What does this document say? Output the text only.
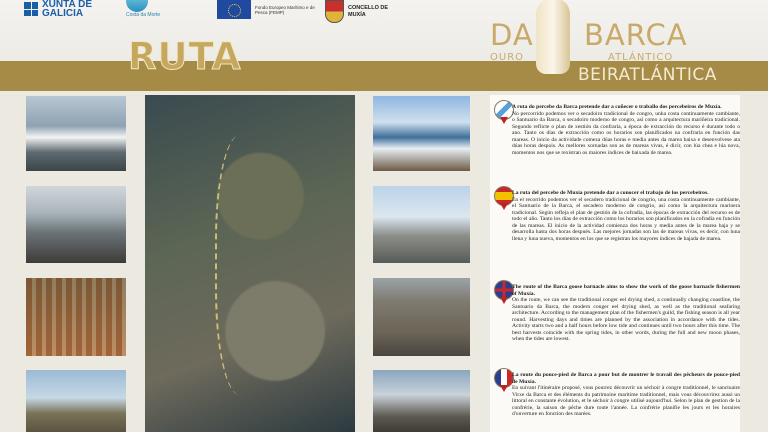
XUNTA DE GALICIA	Costa da Morte
Fondo Europeo Marítimo e de Pesca (FEMP)
CONCELLO DE MUXÍA
RUTA	DA BARCA
OURO	ATLÁNTICO
BEIRATLÁNTICA

A ruta do percebe da Barca pretende dar a coñecer o traballo dos percebeiros de Muxía.

No percorrido podemos ver o secadoiro tradicional de congro, unha costa continuamente cambiante, o Santuario da Barca, o secadoiro moderno de congro, así como a arquitectura mariñeira tradicional. Segundo reflicte o plan de xestión da confraría, a época de extracción do recurso é durante todo o ano. Tanto os días de extracción como os horarios son planificados na confraría en función das mareas. O inicio da actividade comeza dúas horas e media antes da marea baixa e desenvolvese ata dúas horas despois. As mellores xornadas son as de mareas vivas, é dicir, con lúa chea e lúa nova, momentos nos que se rexistran os maiores índices de baixada de marea.

La ruta del percebe de Muxía pretende dar a conocer el trabajo de los percebeiros.

En el recorrido podemos ver el secadero tradicional de congrio, una costa continuamente cambiante, el Santuario de la Barca, el secadero moderno de congrio, así como la arquitectura marinera tradicional. Según refleja el plan de gestión de la cofradía, las épocas de extracción del recurso es de todo el año. Tanto los días de extracción como los horarios son planificados en la cofradía en función de las mareas. El inicio de la actividad comienza dos horas y media antes de la marea baja y se desarrolla hasta dos horas después. Las mejores jornadas son las de mareas vivas, es decir, con luna llena y luna nueva, momentos en los que se registran los mayores índices de bajada de marea.

The route of the Barca goose barnacle aims to show the work of the goose barnacle fishermen of Muxía.

On the route, we can see the traditional conger eel drying shed, a continually changing coastline, the Santuario da Barca, the modern conger eel drying shed, as well as the traditional seafaring architecture. According to the management plan of the fishermen's guild, the fishing season is all year round. Harvesting days and times are planned by the association in accordance with the tides. Activity starts two and a half hours before low tide and continues until two hours after this time. The best harvests coincide with the spring tides, in other words, during the full and new moon phases, when the tides are lowest.

La route du pouce-pied de Barca a pour but de montrer le travail des pêcheurs de pouce-pied de Muxía.

En suivant l'itinéraire proposé, vous pourrez découvrir un séchoir à congre traditionnel, le sanctuaire Virxe da Barca et des éléments du patrimoine maritime traditionnel, mais vous découvrirez aussi un littoral en constante évolution, et le séchoir à congre utilisé aujourd'hui. Selon le plan de gestion de la confrérie, la saison de pêche dure toute l'année. La confrérie planifie les jours et les horaires d'ouverture en fonction des marées.
